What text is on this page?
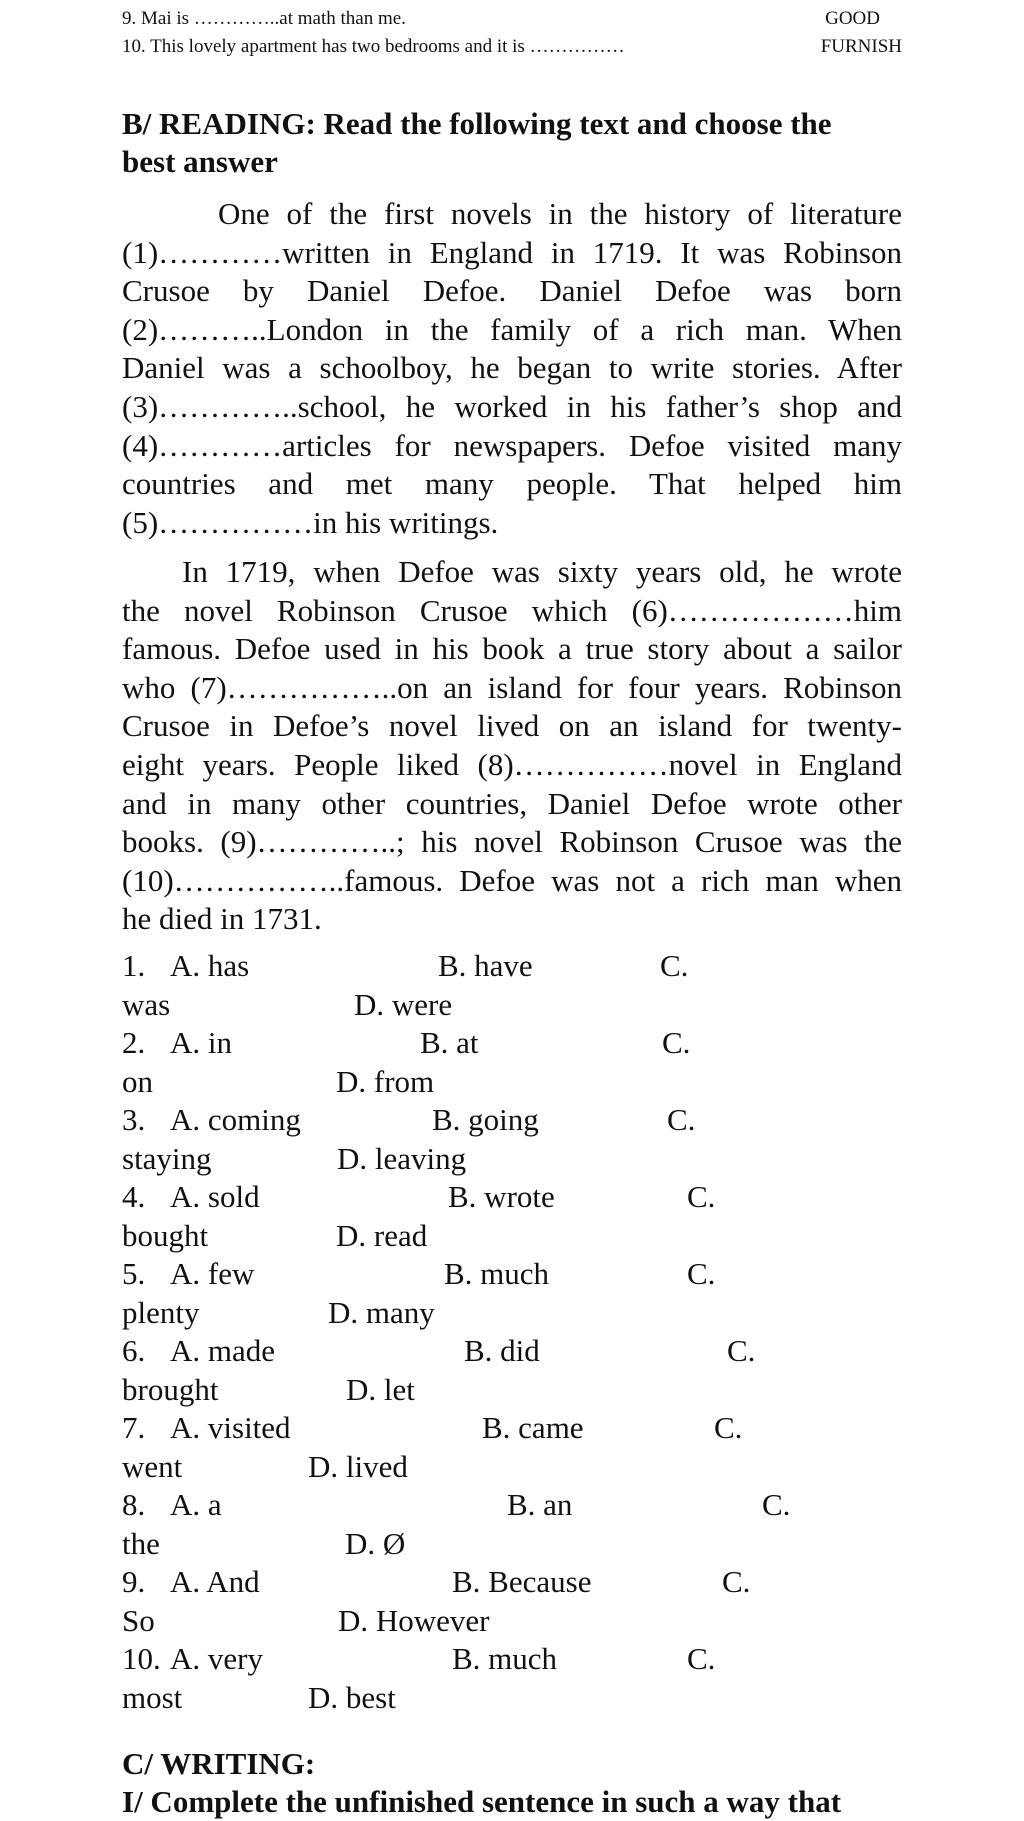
9. Mai is …………..at math than me.	GOOD
10. This lovely apartment has two bedrooms and it is ……………	FURNISH
B/ READING: Read the following text and choose the
best answer
One of the first novels in the history of literature
(1)…………written in England in 1719. It was Robinson
Crusoe by Daniel Defoe. Daniel Defoe was born
(2)………..London in the family of a rich man. When
Daniel was a schoolboy, he began to write stories. After
(3)…………..school, he worked in his father’s shop and
(4)…………articles for newspapers. Defoe visited many
countries and met many people. That helped him
(5)……………in his writings.
In 1719, when Defoe was sixty years old, he wrote
the novel Robinson Crusoe which (6)………………him
famous. Defoe used in his book a true story about a sailor
who (7)……………..on an island for four years. Robinson
Crusoe in Defoe’s novel lived on an island for twenty-
eight years. People liked (8)……………novel in England
and in many other countries, Daniel Defoe wrote other
books. (9)…………..; his novel Robinson Crusoe was the
(10)……………..famous. Defoe was not a rich man when
he died in 1731.
1. A. has	B. have	C.
was	D. were
2. A. in	B. at	C.
on	D. from
3. A. coming	B. going	C.
staying	D. leaving
4. A. sold	B. wrote	C.
bought	D. read
5. A. few	B. much	C.
plenty	D. many
6. A. made	B. did	C.
brought	D. let
7. A. visited	B. came	C.
went	D. lived
8. A. a	B. an	C.
the	D. Ø
9. A. And	B. Because	C.
So	D. However
10. A. very	B. much	C.
most	D. best
C/ WRITING:
I/ Complete the unfinished sentence in such a way that
